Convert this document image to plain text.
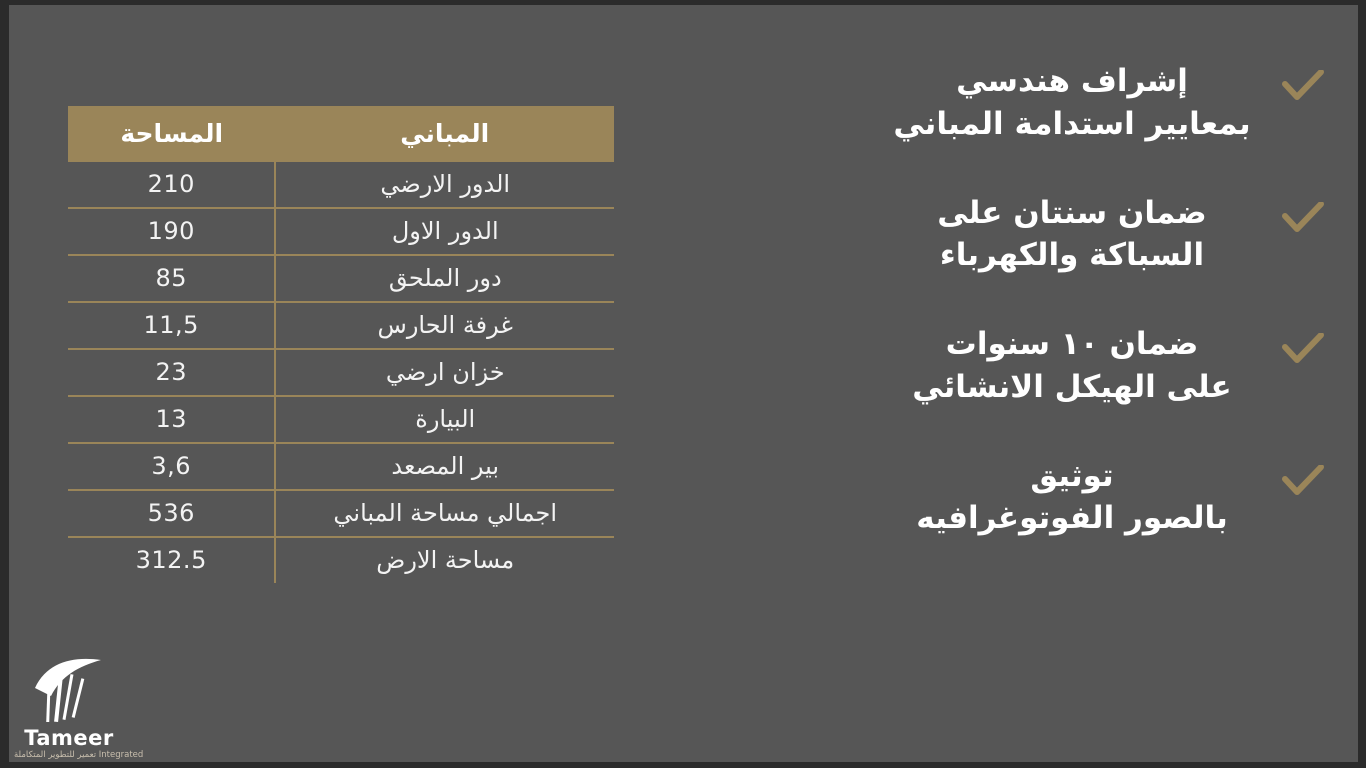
المباني	المساحة
الدور الارضي	210
الدور الاول	190
دور الملحق	85
غرفة الحارس	11,5
خزان ارضي	23
البيارة	13
بير المصعد	3,6
اجمالي مساحة المباني	536
مساحة الارض	312.5
إشراف هندسي
بمعايير استدامة المباني
ضمان سنتان على
السباكة والكهرباء
ضمان ١٠ سنوات
على الهيكل الانشائي
توثيق
بالصور الفوتوغرافيه
Tameer
تعمير للتطوير المتكاملة Integrated
